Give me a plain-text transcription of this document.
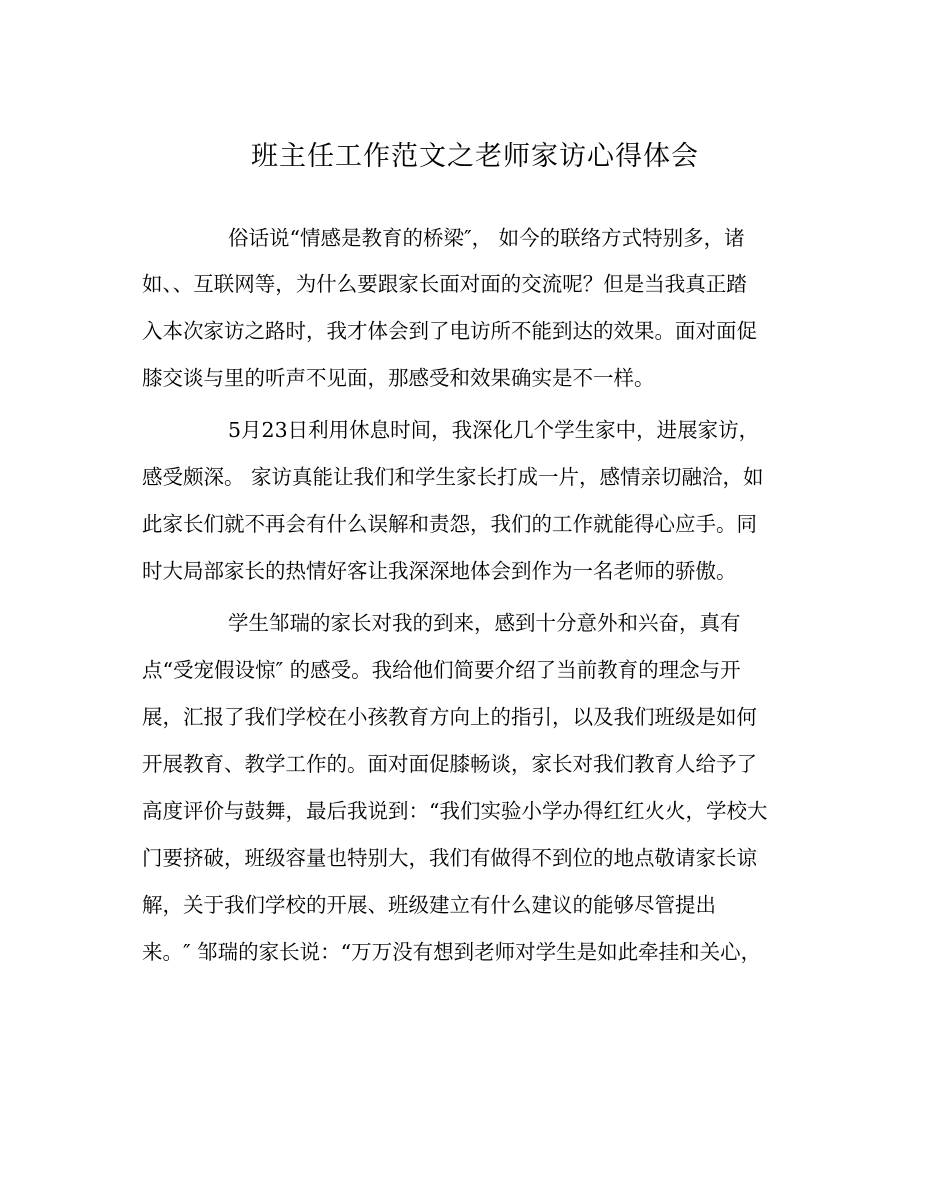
班主任工作范文之老师家访心得体会
俗话说“情感是教育的桥梁″， 如今的联络方式特别多，诸
如、、互联网等，为什么要跟家长面对面的交流呢？但是当我真正踏
入本次家访之路时，我才体会到了电访所不能到达的效果。面对面促
膝交谈与里的听声不见面，那感受和效果确实是不一样。
5月23日利用休息时间，我深化几个学生家中，进展家访，
感受颇深。 家访真能让我们和学生家长打成一片，感情亲切融洽，如
此家长们就不再会有什么误解和责怨，我们的工作就能得心应手。同
时大局部家长的热情好客让我深深地体会到作为一名老师的骄傲。
学生邹瑞的家长对我的到来，感到十分意外和兴奋，真有
点“受宠假设惊″ 的感受。我给他们简要介绍了当前教育的理念与开
展，汇报了我们学校在小孩教育方向上的指引，以及我们班级是如何
开展教育、教学工作的。面对面促膝畅谈，家长对我们教育人给予了
高度评价与鼓舞，最后我说到：“我们实验小学办得红红火火，学校大
门要挤破，班级容量也特别大，我们有做得不到位的地点敬请家长谅
解，关于我们学校的开展、班级建立有什么建议的能够尽管提出
来。″ 邹瑞的家长说：“万万没有想到老师对学生是如此牵挂和关心，
